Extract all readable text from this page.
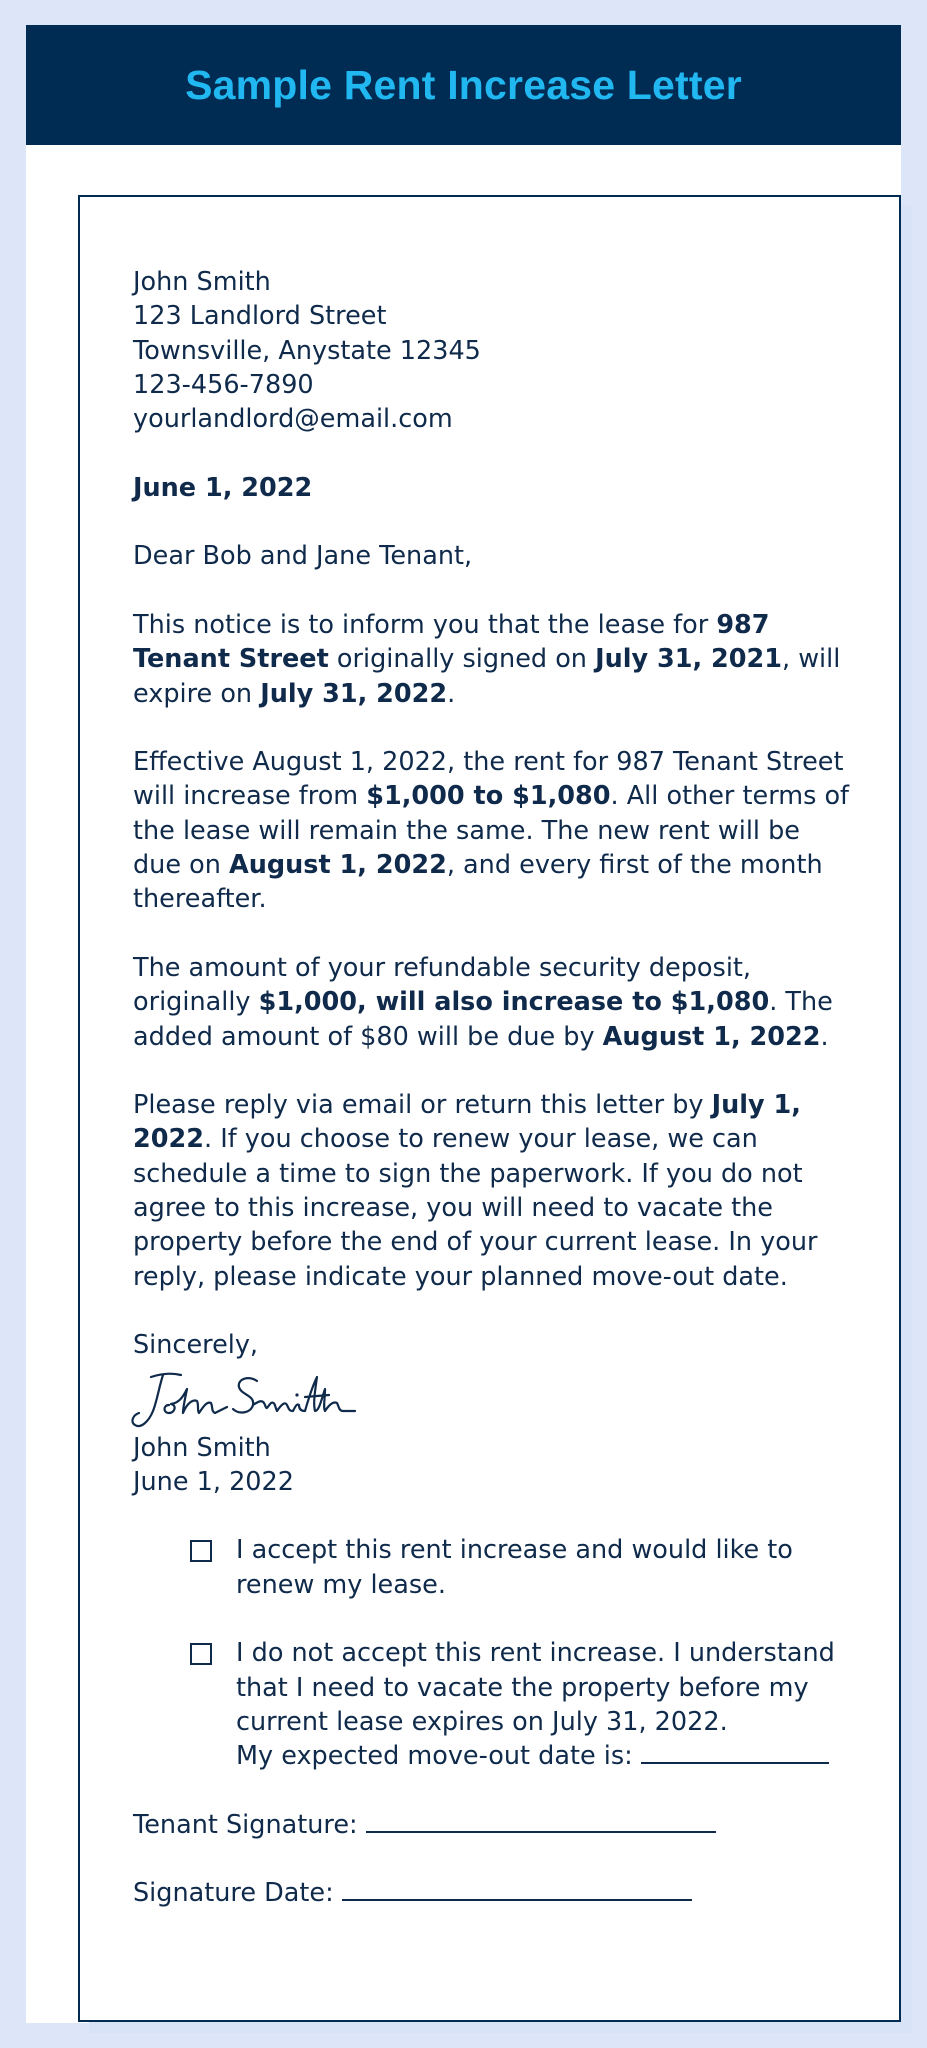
Sample Rent Increase Letter

John Smith

123 Landlord Street

Townsville, Anystate 12345

123-456-7890

yourlandlord@email.com

June 1, 2022

Dear Bob and Jane Tenant,

This notice is to inform you that the lease for 987 Tenant Street originally signed on July 31, 2021, will expire on July 31, 2022.

Effective August 1, 2022, the rent for 987 Tenant Street will increase from $1,000 to $1,080. All other terms of the lease will remain the same. The new rent will be due on August 1, 2022, and every first of the month thereafter.

The amount of your refundable security deposit, originally $1,000, will also increase to $1,080. The added amount of $80 will be due by August 1, 2022.

Please reply via email or return this letter by July 1, 2022. If you choose to renew your lease, we can schedule a time to sign the paperwork. If you do not agree to this increase, you will need to vacate the property before the end of your current lease. In your reply, please indicate your planned move-out date.

Sincerely,

John Smith

June 1, 2022

I accept this rent increase and would like to renew my lease.

I do not accept this rent increase. I understand that I need to vacate the property before my current lease expires on July 31, 2022.

My expected move-out date is:

Tenant Signature:

Signature Date:
